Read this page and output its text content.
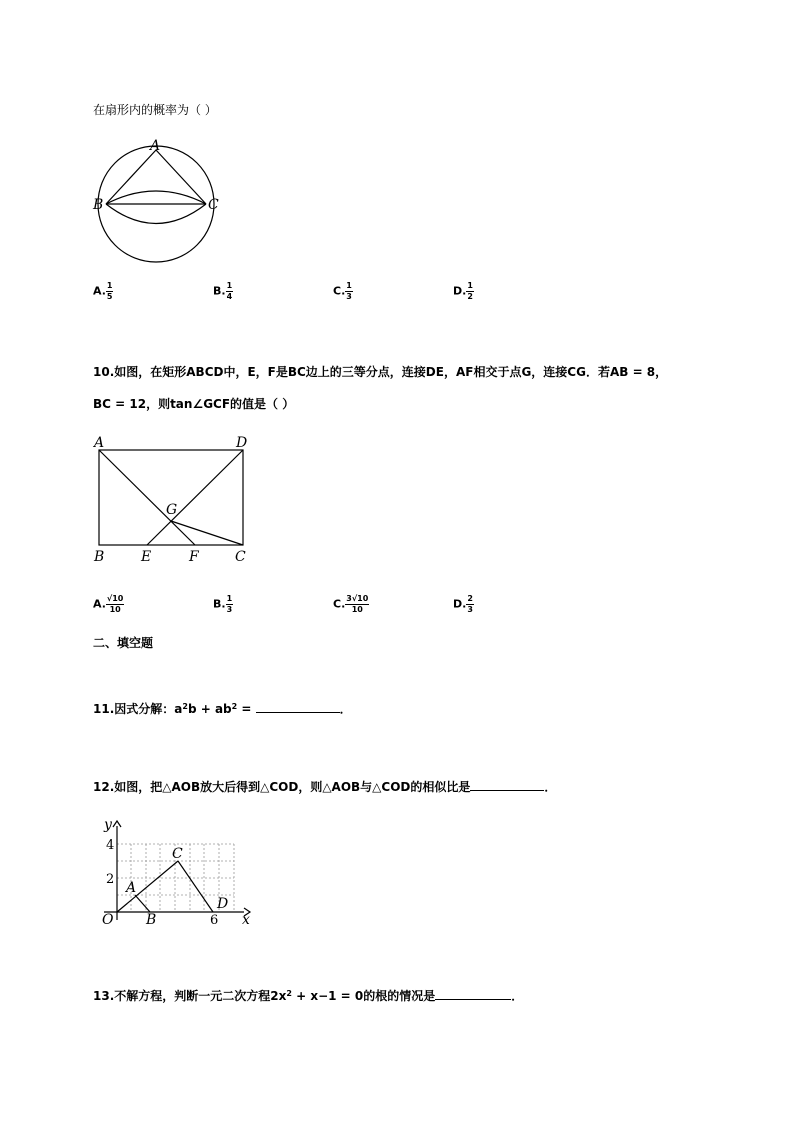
在扇形内的概率为（ ）
A
B	C
A. $\frac{1}{5}$	B. $\frac{1}{4}$	C. $\frac{1}{3}$	D. $\frac{1}{2}$
10.如图，在矩形ABCD中，E，F是BC边上的三等分点，连接DE，AF相交于点G，连接CG．若AB = 8，
BC = 12，则tan∠GCF的值是（ ）
A	D
G
B	E	F	C
A. $\frac{√10}{10}$	B. $\frac{1}{3}$	C. $\frac{3√10}{10}$	D. $\frac{2}{3}$
二、填空题
11.因式分解：$a^2b + ab^2$ =	．
12.如图，把△AOB放大后得到△COD，则△AOB与△COD的相似比是	．
y
x
4
2
6
O
A
B
C
D
13.不解方程，判断一元二次方程$2x^2 + x-1 = 0$的根的情况是	．
